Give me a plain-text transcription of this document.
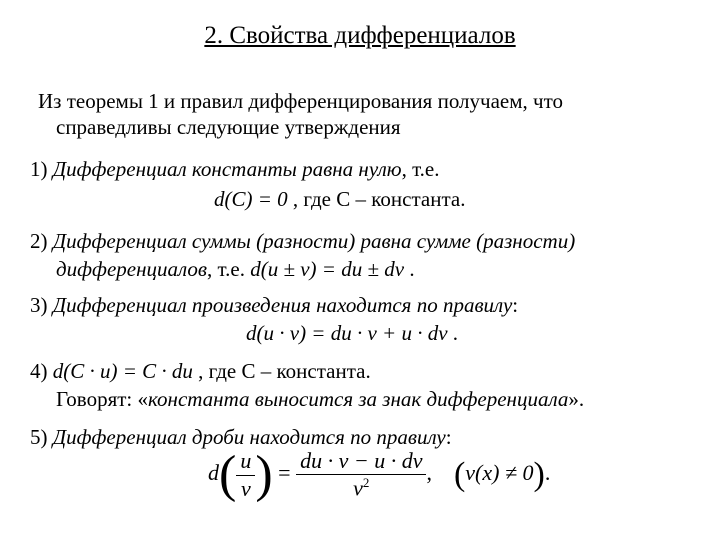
2. Свойства дифференциалов
Из теоремы 1 и правил дифференцирования получаем, что
справедливы следующие утверждения
1) Дифференциал константы равна нулю, т.е.
d(C) = 0 , где C – константа.
2) Дифференциал суммы (разности) равна сумме (разности)
дифференциалов, т.е. d(u ± v) = du ± dv .
3) Дифференциал произведения находится по правилу:
d(u · v) = du · v + u · dv .
4) d(C · u) = C · du , где C – константа.
Говорят: «константа выносится за знак дифференциала».
5) Дифференциал дроби находится по правилу:
$d( \frac{u}{v}$ ) = $\frac{du \cdot v - u \cdot dv}{v^2}$ , (v(x) ≠ 0).
